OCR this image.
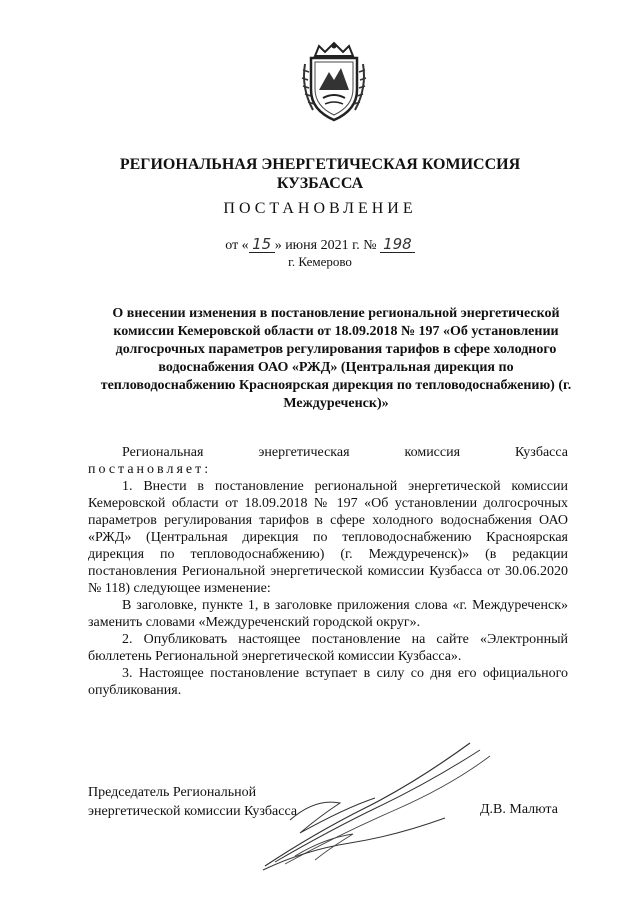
РЕГИОНАЛЬНАЯ ЭНЕРГЕТИЧЕСКАЯ КОМИССИЯ
КУЗБАССА
ПОСТАНОВЛЕНИЕ
от « 15 » июня 2021 г. № 198
г. Кемерово
О внесении изменения в постановление региональной энергетической комиссии Кемеровской области от 18.09.2018 № 197 «Об установлении долгосрочных параметров регулирования тарифов в сфере холодного водоснабжения ОАО «РЖД» (Центральная дирекция по тепловодоснабжению Красноярская дирекция по тепловодоснабжению) (г. Междуреченск)»

Региональная энергетическая комиссия Кузбасса

постановляет:

1. Внести в постановление региональной энергетической комиссии Кемеровской области от 18.09.2018 № 197 «Об установлении долгосрочных параметров регулирования тарифов в сфере холодного водоснабжения ОАО «РЖД» (Центральная дирекция по тепловодоснабжению Красноярская дирекция по тепловодоснабжению) (г. Междуреченск)» (в редакции постановления Региональной энергетической комиссии Кузбасса от 30.06.2020 № 118) следующее изменение:

В заголовке, пункте 1, в заголовке приложения слова «г. Междуреченск» заменить словами «Междуреченский городской округ».

2. Опубликовать настоящее постановление на сайте «Электронный бюллетень Региональной энергетической комиссии Кузбасса».

3. Настоящее постановление вступает в силу со дня его официального опубликования.

Председатель Региональной
энергетической комиссии Кузбасса	Д.В. Малюта
